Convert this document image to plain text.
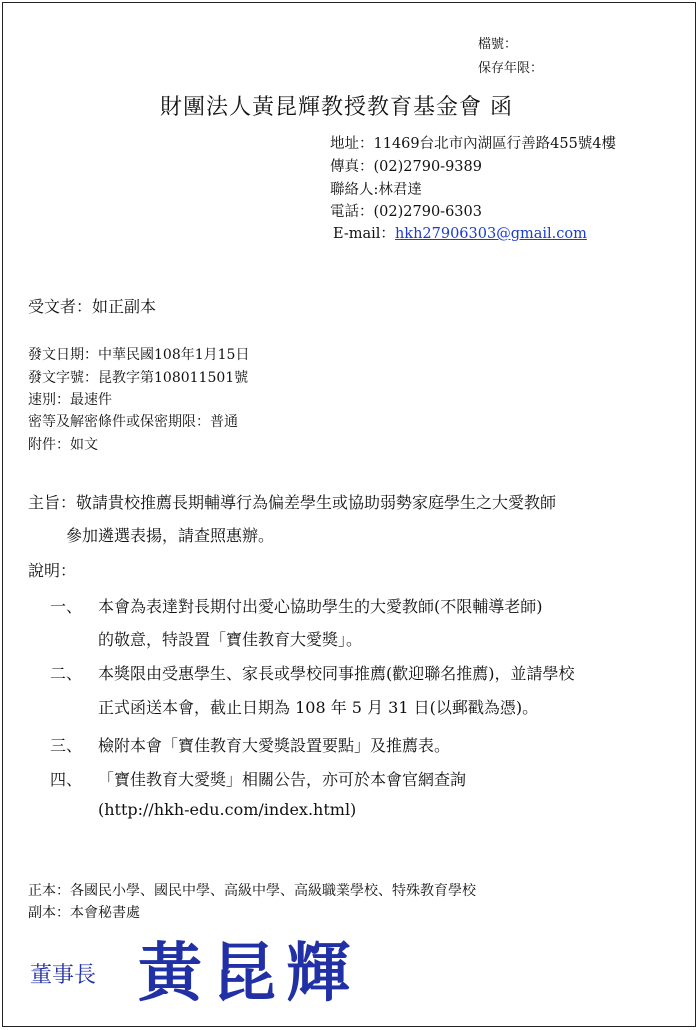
檔號：
保存年限：
財團法人黃昆輝教授教育基金會 函
地址：11469台北市內湖區行善路455號4樓
傳真：(02)2790-9389
聯絡人:林君達
電話：(02)2790-6303
E-mail：hkh27906303@gmail.com
受文者：如正副本
發文日期：中華民國108年1月15日
發文字號：昆教字第108011501號
速別：最速件
密等及解密條件或保密期限：普通
附件：如文
主旨：敬請貴校推薦長期輔導行為偏差學生或協助弱勢家庭學生之大愛教師
參加遴選表揚，請查照惠辦。
說明：
一、 本會為表達對長期付出愛心協助學生的大愛教師(不限輔導老師)
的敬意，特設置「寶佳教育大愛獎」。
二、 本獎限由受惠學生、家長或學校同事推薦(歡迎聯名推薦)，並請學校
正式函送本會，截止日期為 108 年 5 月 31 日(以郵戳為憑)。
三、 檢附本會「寶佳教育大愛獎設置要點」及推薦表。
四、 「寶佳教育大愛獎」相關公告，亦可於本會官網查詢
(http://hkh-edu.com/index.html)
正本：各國民小學、國民中學、高級中學、高級職業學校、特殊教育學校
副本：本會秘書處
董事長 黃昆輝
